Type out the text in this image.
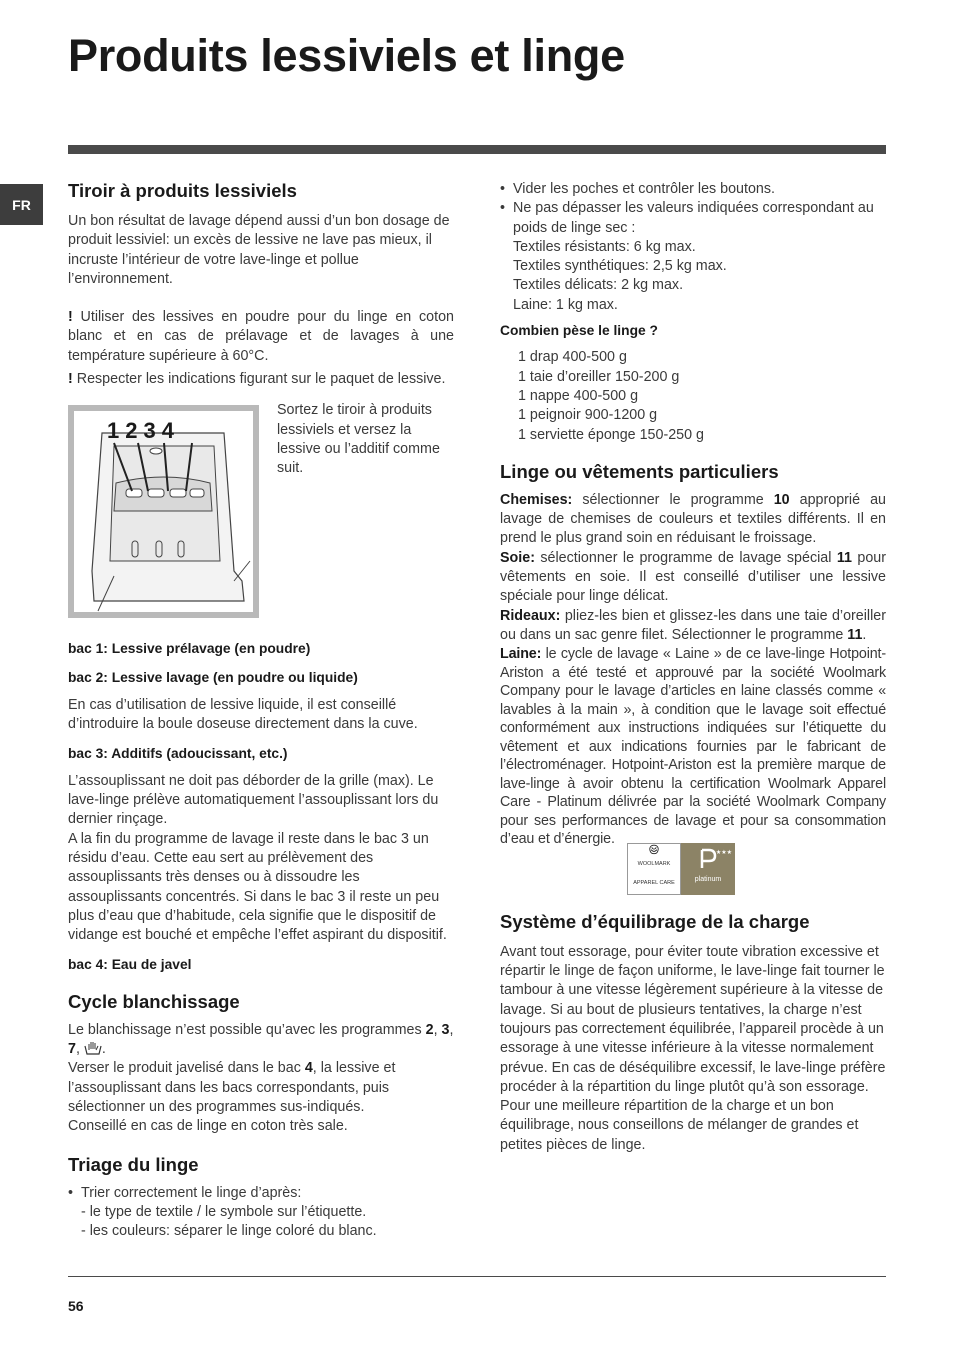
Produits lessiviels et linge
FR
Tiroir à produits lessiviels

Un bon résultat de lavage dépend aussi d’un bon dosage de produit lessiviel: un excès de lessive ne lave pas mieux, il incruste l’intérieur de votre lave-linge et pollue l’environnement.

! Utiliser des lessives en poudre pour du linge en coton blanc et en cas de prélavage et de lavages à une température supérieure à 60°C.

! Respecter les indications figurant sur le paquet de lessive.

1234

Sortez le tiroir à produits lessiviels et versez la lessive ou l’additif comme suit.

bac 1: Lessive prélavage (en poudre)

bac 2: Lessive lavage (en poudre ou liquide)

En cas d’utilisation de lessive liquide, il est conseillé d’introduire la boule doseuse directement dans la cuve.

bac 3: Additifs (adoucissant, etc.)

L’assouplissant ne doit pas déborder de la grille (max). Le lave-linge prélève automatiquement l’assouplissant lors du dernier rinçage.

A la fin du programme de lavage il reste dans le bac 3 un résidu d’eau. Cette eau sert au prélèvement des assouplissants très denses ou à dissoudre les assouplissants concentrés. Si dans le bac 3 il reste un peu plus d’eau que d’habitude, cela signifie que le dispositif de vidange est bouché et empêche l’effet aspirant du dispositif.

bac 4: Eau de javel

Cycle blanchissage

Le blanchissage n’est possible qu’avec les programmes 2, 3, 7, .

Verser le produit javelisé dans le bac 4, la lessive et l’assouplissant dans les bacs correspondants, puis sélectionner un des programmes sus-indiqués.

Conseillé en cas de linge en coton très sale.

Triage du linge

• Trier correctement le linge d’après:

- le type de textile / le symbole sur l’étiquette.

- les couleurs: séparer le linge coloré du blanc.

• Vider les poches et contrôler les boutons.

• Ne pas dépasser les valeurs indiquées correspondant au poids de linge sec :

Textiles résistants: 6 kg max.

Textiles synthétiques: 2,5 kg max.

Textiles délicats: 2 kg max.

Laine: 1 kg max.

Combien pèse le linge ?

1 drap 400-500 g

1 taie d’oreiller 150-200 g

1 nappe 400-500 g

1 peignoir 900-1200 g

1 serviette éponge 150-250 g

Linge ou vêtements particuliers

Chemises: sélectionner le programme 10 approprié au lavage de chemises de couleurs et textiles différents. Il en prend le plus grand soin en réduisant le froissage.

Soie: sélectionner le programme de lavage spécial 11 pour vêtements en soie. Il est conseillé d’utiliser une lessive spéciale pour linge délicat.

Rideaux: pliez-les bien et glissez-les dans une taie d’oreiller ou dans un sac genre filet. Sélectionner le programme 11.

Laine: le cycle de lavage « Laine » de ce lave-linge Hotpoint-Ariston a été testé et approuvé par la société Woolmark Company pour le lavage d’articles en laine classés comme « lavables à la main », à condition que le lavage soit effectué conformément aux instructions indiquées sur l’étiquette du vêtement et aux indications fournies par le fabricant de l’électroménager. Hotpoint-Ariston est la première marque de lave-linge à avoir obtenu la certification Woolmark Apparel Care - Platinum délivrée par la société Woolmark Company pour ses performances de lavage et pour sa consommation d’eau et d’énergie.

WOOLMARK
APPAREL CARE
★★★
platinum
Système d’équilibrage de la charge

Avant tout essorage, pour éviter toute vibration excessive et répartir le linge de façon uniforme, le lave-linge fait tourner le tambour à une vitesse légèrement supérieure à la vitesse de lavage. Si au bout de plusieurs tentatives, la charge n’est toujours pas correctement équilibrée, l’appareil procède à un essorage à une vitesse inférieure à la vitesse normalement prévue. En cas de déséquilibre excessif, le lave-linge préfère procéder à la répartition du linge plutôt qu’à son essorage. Pour une meilleure répartition de la charge et un bon équilibrage, nous conseillons de mélanger de grandes et petites pièces de linge.

56
